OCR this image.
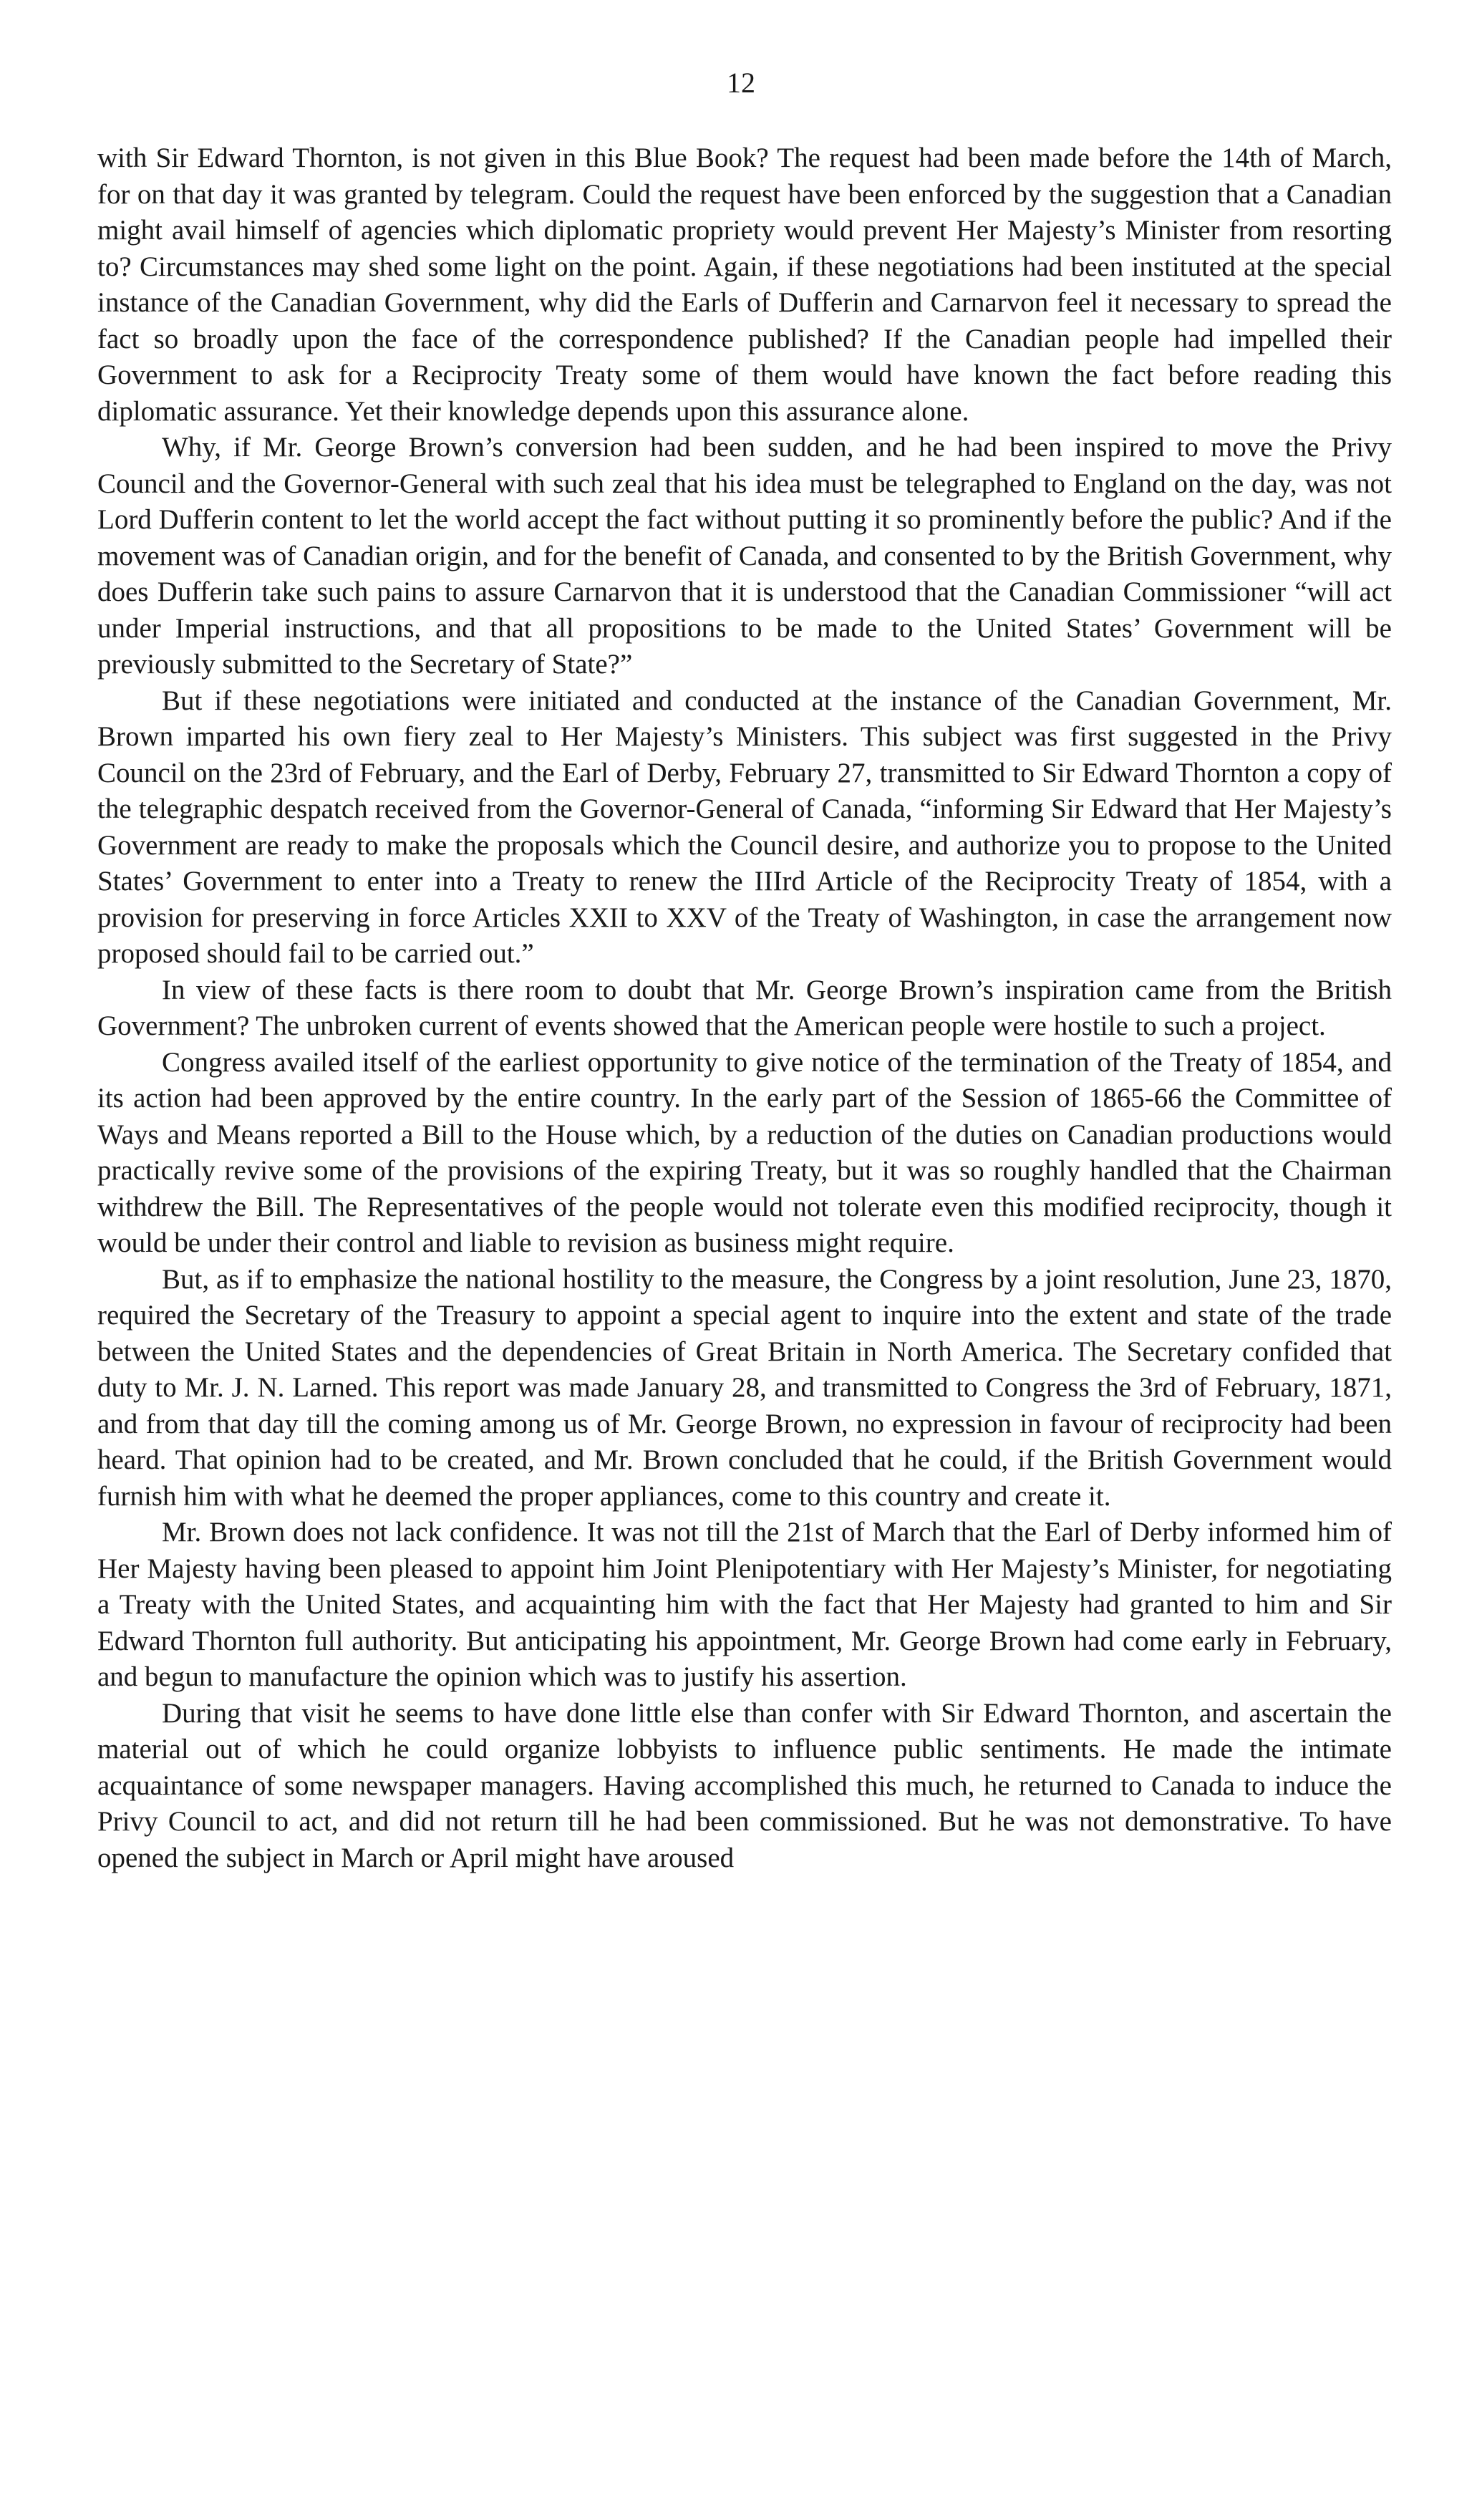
12

with Sir Edward Thornton, is not given in this Blue Book? The request had been made before the 14th of March, for on that day it was granted by telegram. Could the request have been enforced by the suggestion that a Canadian might avail himself of agencies which diplomatic propriety would prevent Her Majesty’s Minister from resorting to? Circumstances may shed some light on the point. Again, if these negotiations had been instituted at the special instance of the Canadian Government, why did the Earls of Dufferin and Carnarvon feel it necessary to spread the fact so broadly upon the face of the correspondence published? If the Canadian people had impelled their Government to ask for a Reciprocity Treaty some of them would have known the fact before reading this diplomatic assurance. Yet their knowledge depends upon this assurance alone.

Why, if Mr. George Brown’s conversion had been sudden, and he had been inspired to move the Privy Council and the Governor-General with such zeal that his idea must be telegraphed to England on the day, was not Lord Dufferin content to let the world accept the fact without putting it so prominently before the public? And if the movement was of Canadian origin, and for the benefit of Canada, and consented to by the British Government, why does Dufferin take such pains to assure Carnarvon that it is understood that the Canadian Commissioner “will act under Imperial instructions, and that all propositions to be made to the United States’ Government will be previously submitted to the Secretary of State?”

But if these negotiations were initiated and conducted at the instance of the Canadian Government, Mr. Brown imparted his own fiery zeal to Her Majesty’s Ministers. This subject was first suggested in the Privy Council on the 23rd of February, and the Earl of Derby, February 27, transmitted to Sir Edward Thornton a copy of the telegraphic despatch received from the Governor-General of Canada, “informing Sir Edward that Her Majesty’s Government are ready to make the proposals which the Council desire, and authorize you to propose to the United States’ Government to enter into a Treaty to renew the IIIrd Article of the Reciprocity Treaty of 1854, with a provision for preserving in force Articles XXII to XXV of the Treaty of Washington, in case the arrangement now proposed should fail to be carried out.”

In view of these facts is there room to doubt that Mr. George Brown’s inspiration came from the British Government? The unbroken current of events showed that the American people were hostile to such a project.

Congress availed itself of the earliest opportunity to give notice of the termination of the Treaty of 1854, and its action had been approved by the entire country. In the early part of the Session of 1865-66 the Committee of Ways and Means reported a Bill to the House which, by a reduction of the duties on Canadian productions would practically revive some of the provisions of the expiring Treaty, but it was so roughly handled that the Chairman withdrew the Bill. The Representatives of the people would not tolerate even this modified reciprocity, though it would be under their control and liable to revision as business might require.

But, as if to emphasize the national hostility to the measure, the Congress by a joint resolution, June 23, 1870, required the Secretary of the Treasury to appoint a special agent to inquire into the extent and state of the trade between the United States and the dependencies of Great Britain in North America. The Secretary confided that duty to Mr. J. N. Larned. This report was made January 28, and transmitted to Congress the 3rd of February, 1871, and from that day till the coming among us of Mr. George Brown, no expression in favour of reciprocity had been heard. That opinion had to be created, and Mr. Brown concluded that he could, if the British Government would furnish him with what he deemed the proper appliances, come to this country and create it.

Mr. Brown does not lack confidence. It was not till the 21st of March that the Earl of Derby informed him of Her Majesty having been pleased to appoint him Joint Plenipotentiary with Her Majesty’s Minister, for negotiating a Treaty with the United States, and acquainting him with the fact that Her Majesty had granted to him and Sir Edward Thornton full authority. But anticipating his appointment, Mr. George Brown had come early in February, and begun to manufacture the opinion which was to justify his assertion.

During that visit he seems to have done little else than confer with Sir Edward Thornton, and ascertain the material out of which he could organize lobbyists to influence public sentiments. He made the intimate acquaintance of some newspaper managers. Having accomplished this much, he returned to Canada to induce the Privy Council to act, and did not return till he had been commissioned. But he was not demonstrative. To have opened the subject in March or April might have aroused
